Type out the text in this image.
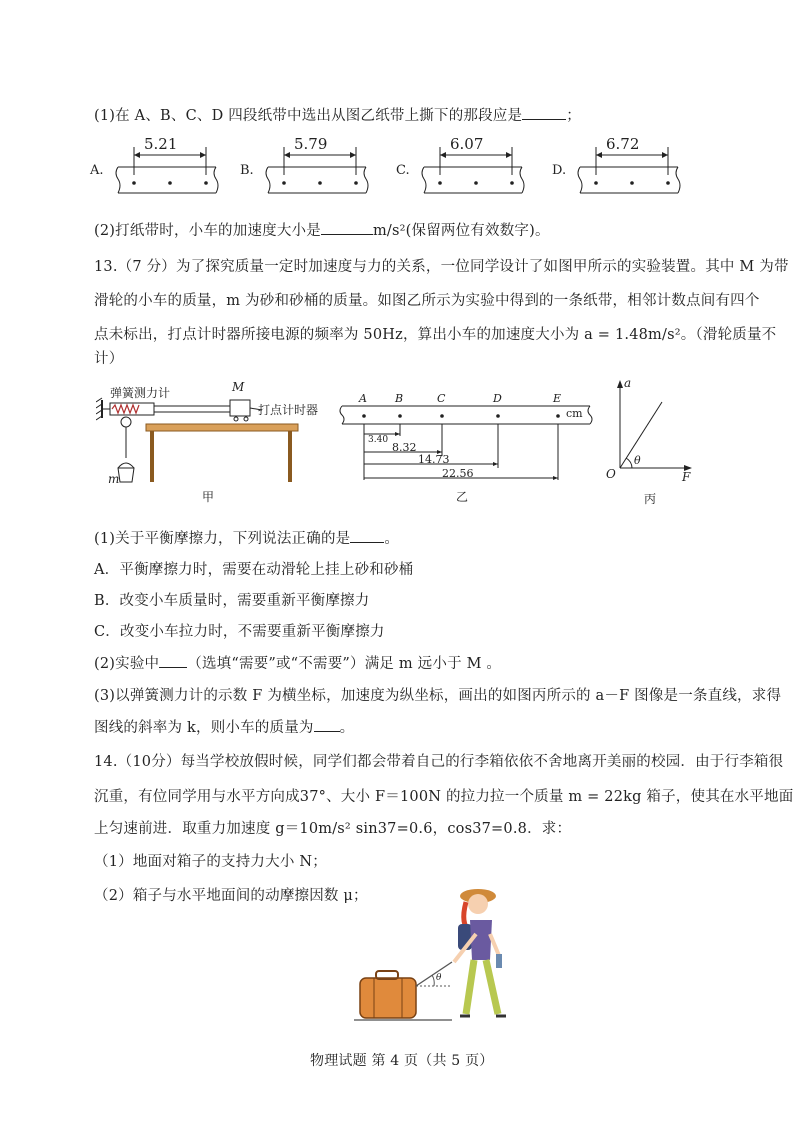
(1)在 A、B、C、D 四段纸带中选出从图乙纸带上撕下的那段应是	；
A.
5.21
B.
5.79
C.
6.07
D.
6.72
(2)打纸带时，小车的加速度大小是	m/s²(保留两位有效数字)。
13.（7 分）为了探究质量一定时加速度与力的关系，一位同学设计了如图甲所示的实验装置。其中 M 为带
滑轮的小车的质量，m 为砂和砂桶的质量。如图乙所示为实验中得到的一条纸带，相邻计数点间有四个
点未标出，打点计时器所接电源的频率为 50Hz，算出小车的加速度大小为 a = 1.48m/s²。（滑轮质量不
计）
弹簧测力计	M
打点计时器
m
甲
A	B	C	D	E
cm
3.40
8.32
14.73
22.56
乙
a
F
O
θ
丙
(1)关于平衡摩擦力，下列说法正确的是 。
A．平衡摩擦力时，需要在动滑轮上挂上砂和砂桶
B．改变小车质量时，需要重新平衡摩擦力
C．改变小车拉力时，不需要重新平衡摩擦力
(2)实验中 （选填“需要”或“不需要”）满足 m 远小于 M 。
(3)以弹簧测力计的示数 F 为横坐标，加速度为纵坐标，画出的如图丙所示的 a－F 图像是一条直线，求得
图线的斜率为 k，则小车的质量为 。
14.（10分）每当学校放假时候，同学们都会带着自己的行李箱依依不舍地离开美丽的校园．由于行李箱很
沉重，有位同学用与水平方向成37°、大小 F＝100N 的拉力拉一个质量 m = 22kg 箱子，使其在水平地面
上匀速前进．取重力加速度 g＝10m/s² sin37=0.6，cos37=0.8．求：
（1）地面对箱子的支持力大小 N；
（2）箱子与水平地面间的动摩擦因数 μ；
θ
物理试题 第 4 页（共 5 页）
